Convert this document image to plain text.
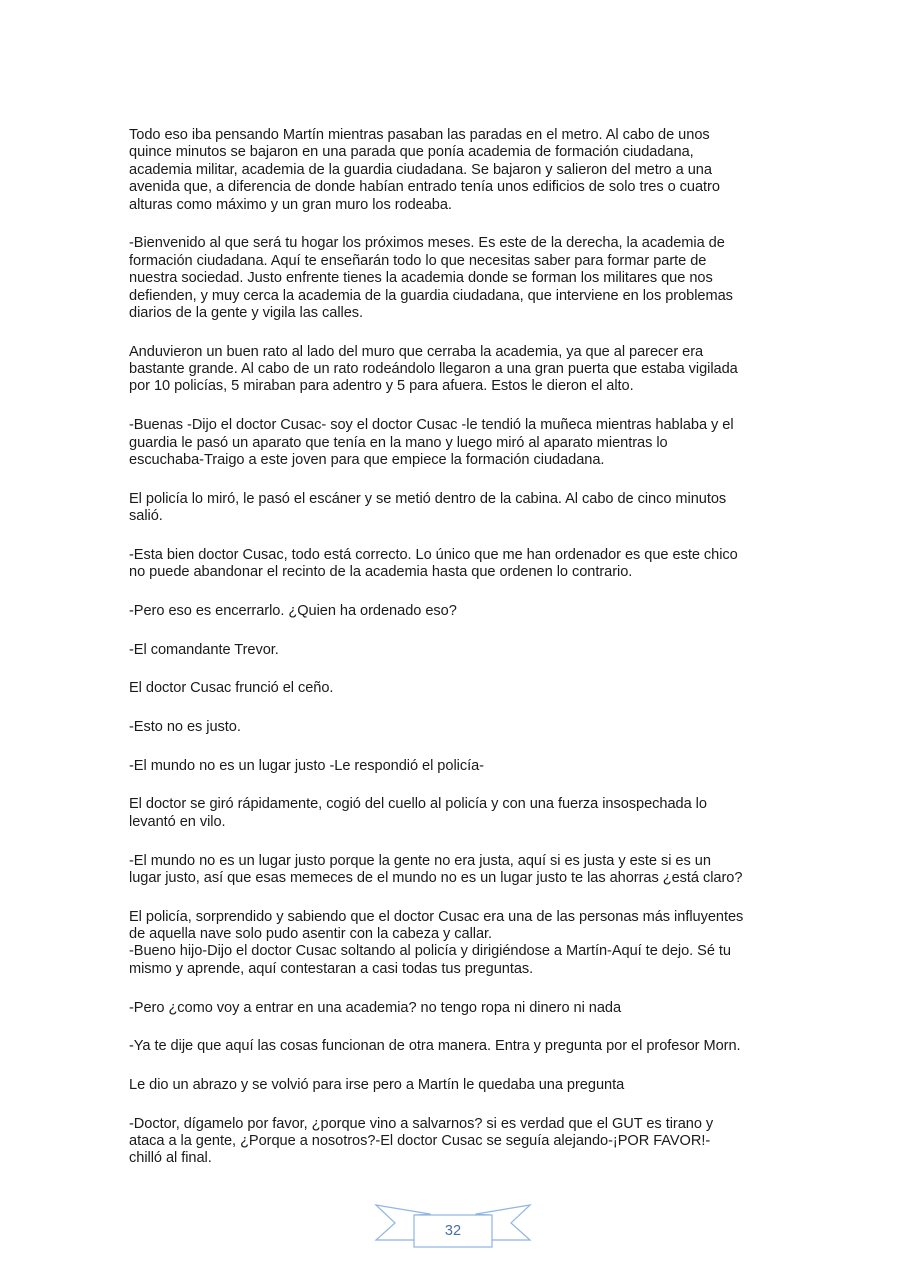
Todo eso iba pensando Martín mientras pasaban las paradas en el metro. Al cabo de unos
quince minutos se bajaron en una parada que ponía academia de formación ciudadana,
academia militar, academia de la guardia ciudadana. Se bajaron y salieron del metro a una
avenida que, a diferencia de donde habían entrado tenía unos edificios de solo tres o cuatro
alturas como máximo y un gran muro los rodeaba.

-Bienvenido al que será tu hogar los próximos meses. Es este de la derecha, la academia de
formación ciudadana. Aquí te enseñarán todo lo que necesitas saber para formar parte de
nuestra sociedad. Justo enfrente tienes la academia donde se forman los militares que nos
defienden, y muy cerca la academia de la guardia ciudadana, que interviene en los problemas
diarios de la gente y vigila las calles.

Anduvieron un buen rato al lado del muro que cerraba la academia, ya que al parecer era
bastante grande. Al cabo de un rato rodeándolo llegaron a una gran puerta que estaba vigilada
por 10 policías, 5 miraban para adentro y 5 para afuera. Estos le dieron el alto.

-Buenas -Dijo el doctor Cusac- soy el doctor Cusac -le tendió la muñeca mientras hablaba y el
guardia le pasó un aparato que tenía en la mano y luego miró al aparato mientras lo
escuchaba-Traigo a este joven para que empiece la formación ciudadana.

El policía lo miró, le pasó el escáner y se metió dentro de la cabina. Al cabo de cinco minutos
salió.

-Esta bien doctor Cusac, todo está correcto. Lo único que me han ordenador es que este chico
no puede abandonar el recinto de la academia hasta que ordenen lo contrario.

-Pero eso es encerrarlo. ¿Quien ha ordenado eso?

-El comandante Trevor.

El doctor Cusac frunció el ceño.

-Esto no es justo.

-El mundo no es un lugar justo -Le respondió el policía-

El doctor se giró rápidamente, cogió del cuello al policía y con una fuerza insospechada lo
levantó en vilo.

-El mundo no es un lugar justo porque la gente no era justa, aquí si es justa y este si es un
lugar justo, así que esas memeces de el mundo no es un lugar justo te las ahorras ¿está claro?

El policía, sorprendido y sabiendo que el doctor Cusac era una de las personas más influyentes
de aquella nave solo pudo asentir con la cabeza y callar.
-Bueno hijo-Dijo el doctor Cusac soltando al policía y dirigiéndose a Martín-Aquí te dejo. Sé tu
mismo y aprende, aquí contestaran a casi todas tus preguntas.

-Pero ¿como voy a entrar en una academia? no tengo ropa ni dinero ni nada

-Ya te dije que aquí las cosas funcionan de otra manera. Entra y pregunta por el profesor Morn.

Le dio un abrazo y se volvió para irse pero a Martín le quedaba una pregunta

-Doctor, dígamelo por favor, ¿porque vino a salvarnos? si es verdad que el GUT es tirano y
ataca a la gente, ¿Porque a nosotros?-El doctor Cusac se seguía alejando-¡POR FAVOR!-
chilló al final.

32
